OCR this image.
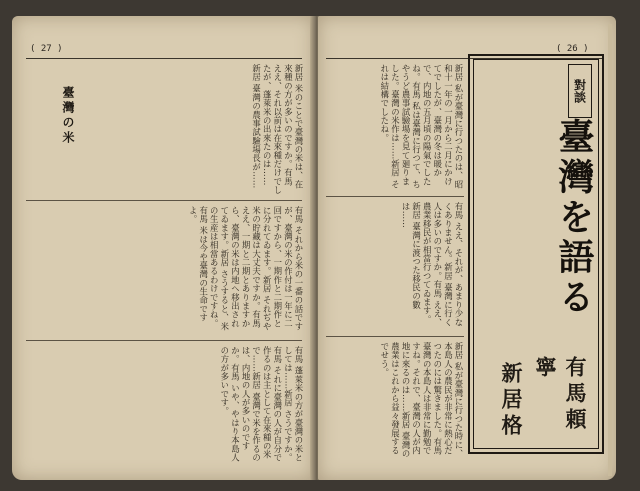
( 27 )
新居 米のことで臺灣の米は、在來種の方が多いのですか。有馬 ええ、それ以前は在來種だけでしたが、蓬萊米の出來たのは…… 新居 臺灣の農事試驗場長が……
臺灣の米
有馬 それから米の一番の話ですが、臺灣の米の作付は一年に二回ですから、一期作と二期作とに分れてゐます。新居 それぢや米の貯藏は大丈夫ですか。有馬 ええ、一期と二期とありますから、臺灣の米は内地へ移出されてゐます。新居 さうすると、米の生産は相當あるわけですね。有馬 米は今や臺灣の生命ですよ。
有馬 蓬萊米の方が臺灣の米としては……新居 さうですか。有馬 それに臺灣の人が自分で作るのは主として在來種の米で……新居 臺灣で米を作るのは、内地の人が多いのですか。有馬 いや、やはり本島人の方が多いです。
( 26 )
對談
臺灣を語る
有馬頼寧
新居格
新居 私が臺灣に行つたのは、昭和十一年の一月から二月にかけてでしたが、臺灣の冬は暖かで、内地の五月頃の陽氣でしたね。有馬 私は臺灣に行つて、ちやうど農事試驗場を見て廻りました。臺灣の米作は……新居 それは結構でしたね。
有馬 ええ、それが、あまり少なくありません。新居 臺灣に行く人は多いのですか。有馬 ええ、農業移民が相當行つてゐます。新居 臺灣に渡つた移民の數は……
新居 私が臺灣に行つた時に、本島人の農民が非常に熱心だつたのには驚きました。有馬 臺灣の本島人は非常に勤勉ですね。それで、臺灣の人が内地に來るのは……新居 臺灣の農業はこれから益々發展するでせう。
